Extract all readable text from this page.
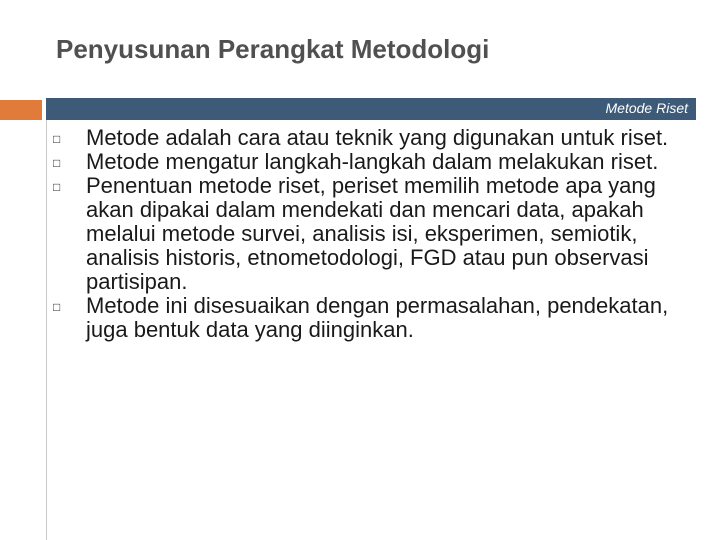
Penyusunan Perangkat Metodologi
Metode Riset
□ Metode adalah cara atau teknik yang digunakan untuk riset.
□ Metode mengatur langkah-langkah dalam melakukan riset.
□ Penentuan metode riset, periset memilih metode apa yang akan dipakai dalam mendekati dan mencari data, apakah melalui metode survei, analisis isi, eksperimen, semiotik, analisis historis, etnometodologi, FGD atau pun observasi partisipan.
□ Metode ini disesuaikan dengan permasalahan, pendekatan, juga bentuk data yang diinginkan.
